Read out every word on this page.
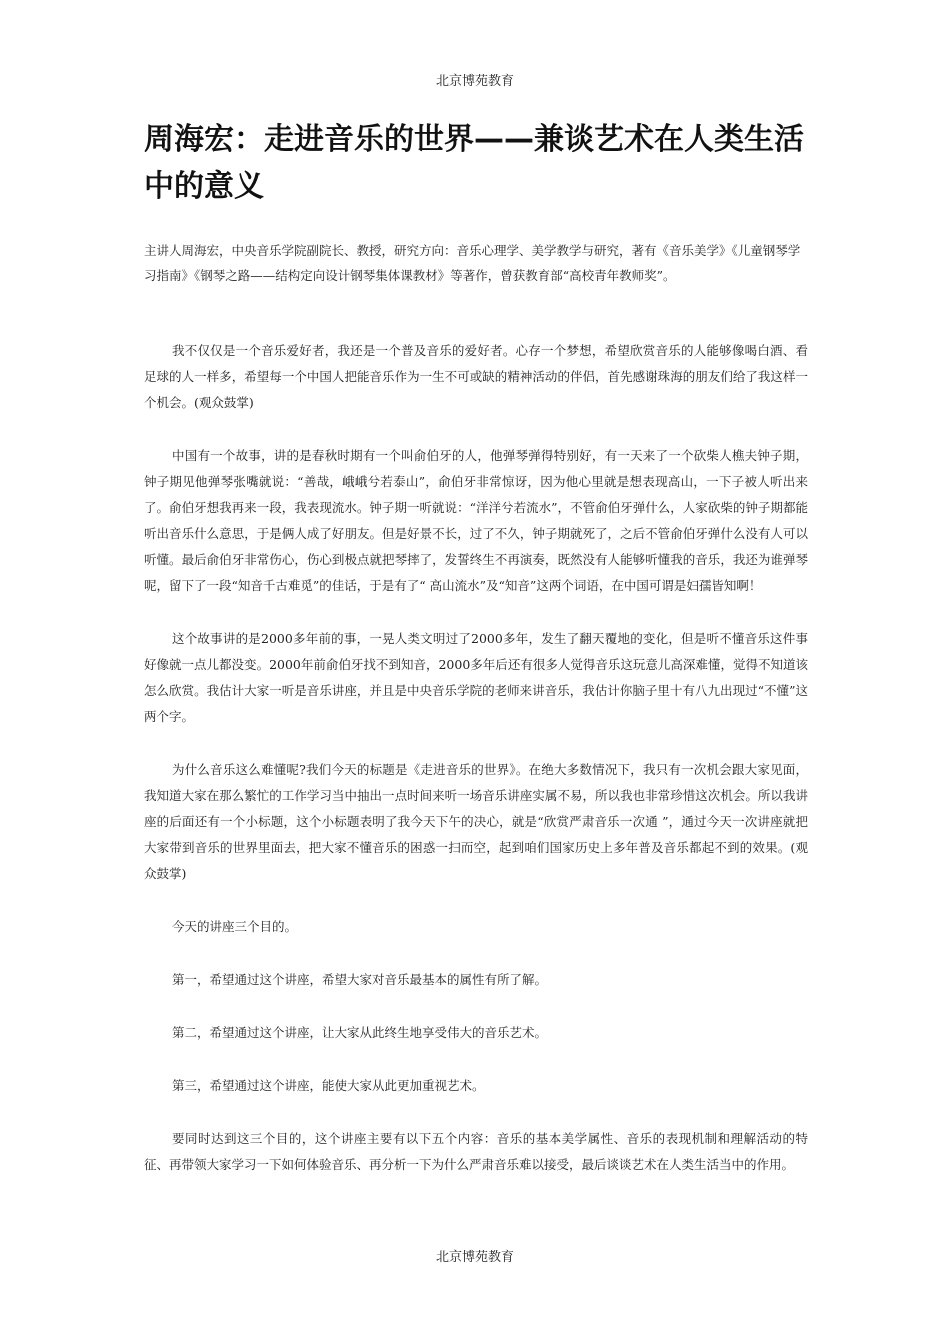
北京博苑教育
周海宏：走进音乐的世界——兼谈艺术在人类生活中的意义

主讲人周海宏，中央音乐学院副院长、教授，研究方向：音乐心理学、美学教学与研究，著有《音乐美学》《儿童钢琴学习指南》《钢琴之路——结构定向设计钢琴集体课教材》等著作，曾获教育部“高校青年教师奖”。

我不仅仅是一个音乐爱好者，我还是一个普及音乐的爱好者。心存一个梦想，希望欣赏音乐的人能够像喝白酒、看足球的人一样多，希望每一个中国人把能音乐作为一生不可或缺的精神活动的伴侣，首先感谢珠海的朋友们给了我这样一个机会。(观众鼓掌)

中国有一个故事，讲的是春秋时期有一个叫俞伯牙的人，他弹琴弹得特别好，有一天来了一个砍柴人樵夫钟子期，钟子期见他弹琴张嘴就说：“善哉，峨峨兮若泰山”，俞伯牙非常惊讶，因为他心里就是想表现高山，一下子被人听出来了。俞伯牙想我再来一段，我表现流水。钟子期一听就说：“洋洋兮若流水”，不管俞伯牙弹什么，人家砍柴的钟子期都能听出音乐什么意思，于是俩人成了好朋友。但是好景不长，过了不久，钟子期就死了，之后不管俞伯牙弹什么没有人可以听懂。最后俞伯牙非常伤心，伤心到极点就把琴摔了，发誓终生不再演奏，既然没有人能够听懂我的音乐，我还为谁弹琴呢，留下了一段“知音千古难觅”的佳话，于是有了“ 高山流水”及“知音”这两个词语，在中国可谓是妇孺皆知啊！

这个故事讲的是2000多年前的事，一晃人类文明过了2000多年，发生了翻天覆地的变化，但是听不懂音乐这件事好像就一点儿都没变。2000年前俞伯牙找不到知音，2000多年后还有很多人觉得音乐这玩意儿高深难懂，觉得不知道该怎么欣赏。我估计大家一听是音乐讲座，并且是中央音乐学院的老师来讲音乐，我估计你脑子里十有八九出现过“不懂”这两个字。

为什么音乐这么难懂呢?我们今天的标题是《走进音乐的世界》。在绝大多数情况下，我只有一次机会跟大家见面，我知道大家在那么繁忙的工作学习当中抽出一点时间来听一场音乐讲座实属不易，所以我也非常珍惜这次机会。所以我讲座的后面还有一个小标题，这个小标题表明了我今天下午的决心，就是“欣赏严肃音乐一次通 ”，通过今天一次讲座就把大家带到音乐的世界里面去，把大家不懂音乐的困惑一扫而空，起到咱们国家历史上多年普及音乐都起不到的效果。(观众鼓掌)

今天的讲座三个目的。

第一，希望通过这个讲座，希望大家对音乐最基本的属性有所了解。

第二，希望通过这个讲座，让大家从此终生地享受伟大的音乐艺术。

第三，希望通过这个讲座，能使大家从此更加重视艺术。

要同时达到这三个目的，这个讲座主要有以下五个内容：音乐的基本美学属性、音乐的表现机制和理解活动的特征、再带领大家学习一下如何体验音乐、再分析一下为什么严肃音乐难以接受，最后谈谈艺术在人类生活当中的作用。

北京博苑教育
